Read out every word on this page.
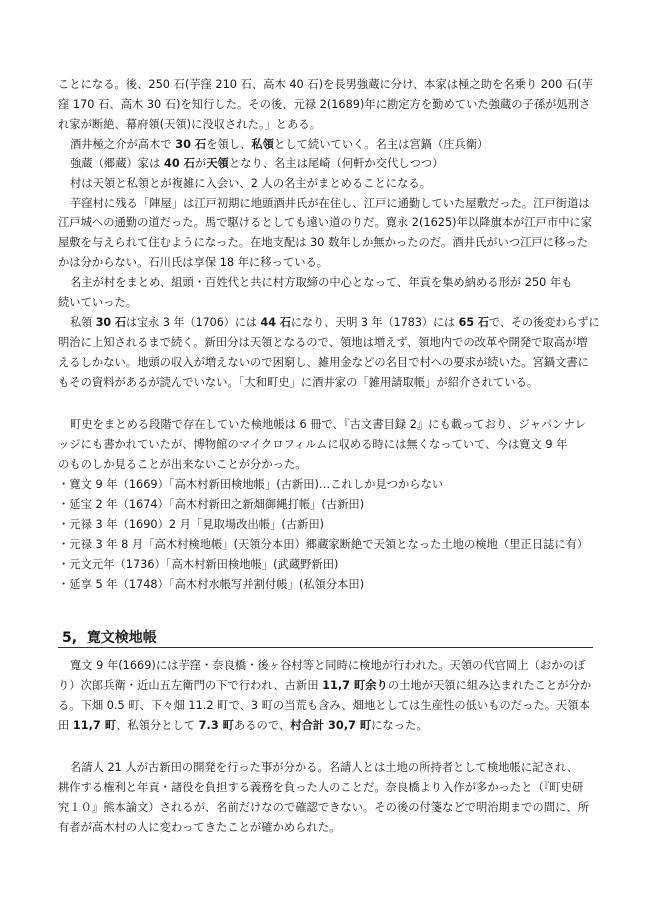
ことになる。後、250 石(芋窪 210 石、高木 40 石)を長男強蔵に分け、本家は極之助を名乗り 200 石(芋
窪 170 石、高木 30 石)を知行した。その後、元禄 2(1689)年に勘定方を勤めていた強蔵の子孫が処刑さ
れ家が断絶、幕府領(天領)に没収された。」とある。
酒井極之介が高木で 30 石を領し、私領として続いていく。名主は宮鍋（庄兵衛）
強蔵（郷蔵）家は 40 石が天領となり、名主は尾崎（何軒か交代しつつ）
村は天領と私領とが複雑に入会い、2 人の名主がまとめることになる。
芋窪村に残る「陣屋」は江戸初期に地頭酒井氏が在住し、江戸に通勤していた屋敷だった。江戸街道は
江戸城への通勤の道だった。馬で駆けるとしても遠い道のりだ。寛永 2(1625)年以降旗本が江戸市中に家
屋敷を与えられて住むようになった。在地支配は 30 数年しか無かったのだ。酒井氏がいつ江戸に移った
かは分からない。石川氏は享保 18 年に移っている。
名主が村をまとめ、組頭・百姓代と共に村方取締の中心となって、年貢を集め納める形が 250 年も
続いていった。
私領 30 石は宝永 3 年（1706）には 44 石になり、天明 3 年（1783）には 65 石で、その後変わらずに
明治に上知されるまで続く。新田分は天領となるので、領地は増えず、領地内での改革や開発で取高が増
えるしかない。地頭の収入が増えないので困窮し、雑用金などの名目で村への要求が続いた。宮鍋文書に
もその資料があるが読んでいない。「大和町史」に酒井家の「雑用請取帳」が紹介されている。
町史をまとめる段階で存在していた検地帳は 6 冊で、『古文書目録 2』にも載っており、ジャパンナレ
ッジにも書かれていたが、博物館のマイクロフィルムに収める時には無くなっていて、今は寛文 9 年
のものしか見ることが出来ないことが分かった。
・寛文 9 年（1669）「高木村新田検地帳」(古新田)…これしか見つからない
・延宝 2 年（1674）「高木村新田之新畑御縄打帳」(古新田)
・元禄 3 年（1690）2 月「見取場改出帳」(古新田)
・元禄 3 年 8 月「高木村検地帳」(天領分本田）郷蔵家断絶で天領となった土地の検地（里正日誌に有）
・元文元年（1736）「高木村新田検地帳」(武蔵野新田)
・延享 5 年（1748）「高木村水帳写并割付帳」(私領分本田)
5, 寛文検地帳
寛文 9 年(1669)には芋窪・奈良橋・後ヶ谷村等と同時に検地が行われた。天領の代官岡上（おかのぼ
り）次郎兵衛・近山五左衛門の下で行われ、古新田 11,7 町余りの土地が天領に組み込まれたことが分か
る。下畑 0.5 町、下々畑 11.2 町で、3 町の当荒も含み、畑地としては生産性の低いものだった。天領本
田 11,7 町、私領分として 7.3 町あるので、村合計 30,7 町になった。
名請人 21 人が古新田の開発を行った事が分かる。名請人とは土地の所持者として検地帳に記され、
耕作する権利と年貢・諸役を負担する義務を負った人のことだ。奈良橋より入作が多かったと（『町史研
究１０』熊本論文）されるが、名前だけなので確認できない。その後の付箋などで明治期までの間に、所
有者が高木村の人に変わってきたことが確かめられた。
